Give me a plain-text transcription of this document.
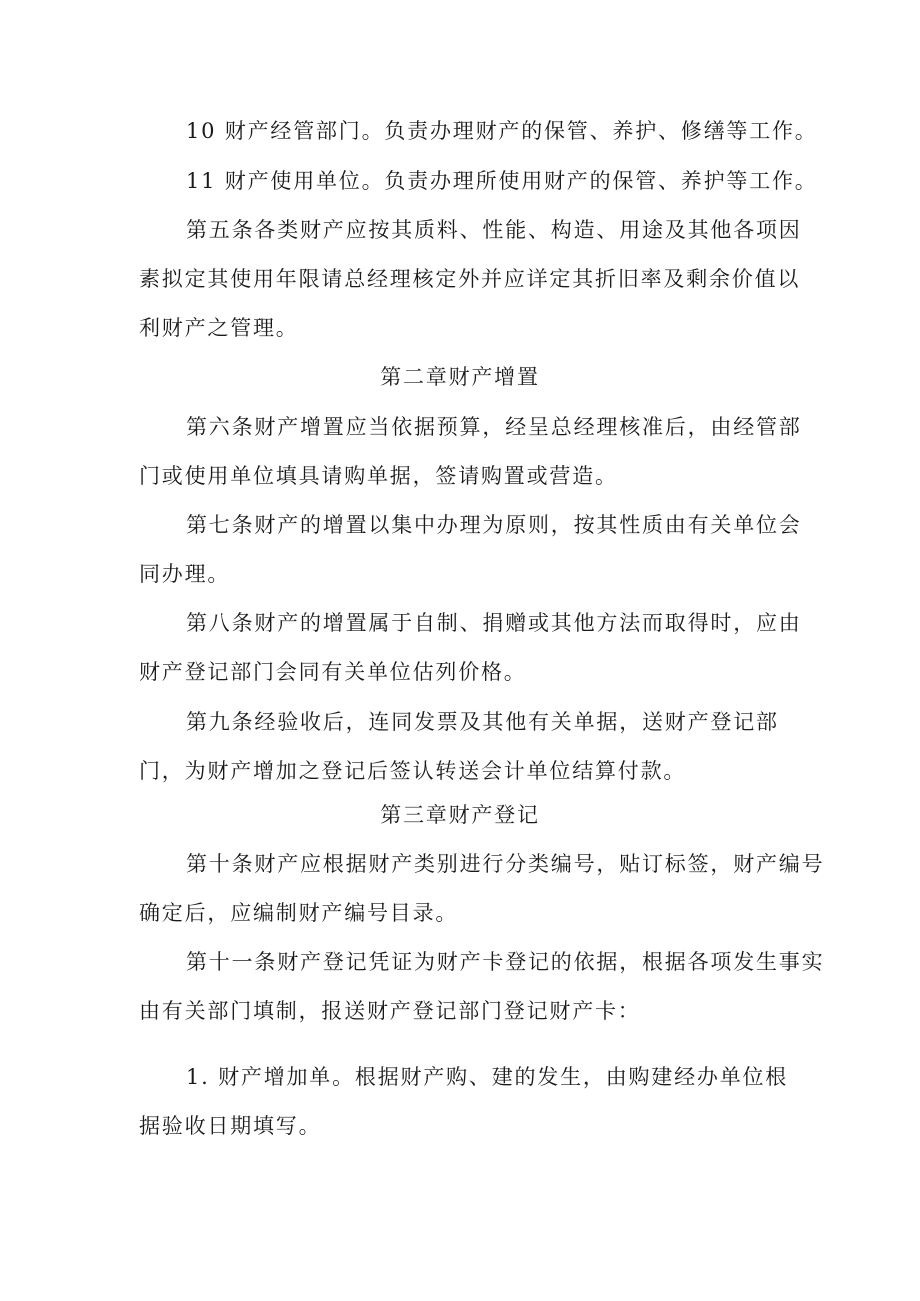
10 财产经管部门。负责办理财产的保管、养护、修缮等工作。
11 财产使用单位。负责办理所使用财产的保管、养护等工作。
第五条各类财产应按其质料、性能、构造、用途及其他各项因
素拟定其使用年限请总经理核定外并应详定其折旧率及剩余价值以
利财产之管理。
第二章财产增置
第六条财产增置应当依据预算，经呈总经理核准后，由经管部
门或使用单位填具请购单据，签请购置或营造。
第七条财产的增置以集中办理为原则，按其性质由有关单位会
同办理。
第八条财产的增置属于自制、捐赠或其他方法而取得时，应由
财产登记部门会同有关单位估列价格。
第九条经验收后，连同发票及其他有关单据，送财产登记部
门，为财产增加之登记后签认转送会计单位结算付款。
第三章财产登记
第十条财产应根据财产类别进行分类编号，贴订标签，财产编号
确定后，应编制财产编号目录。
第十一条财产登记凭证为财产卡登记的依据，根据各项发生事实
由有关部门填制，报送财产登记部门登记财产卡：
1. 财产增加单。根据财产购、建的发生，由购建经办单位根
据验收日期填写。
